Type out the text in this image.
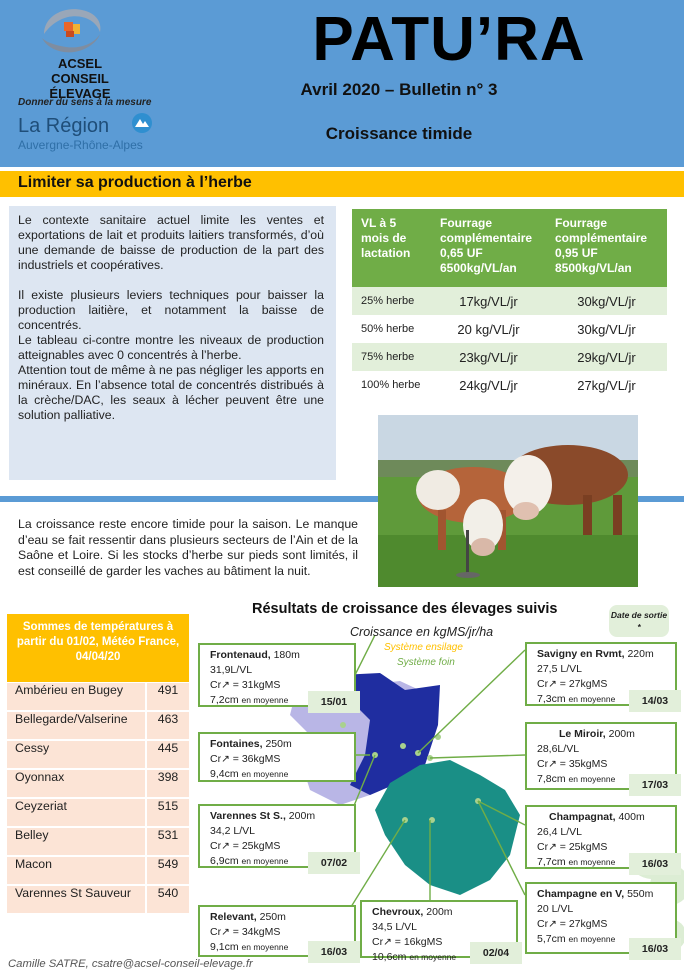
ACSEL
CONSEIL ÉLEVAGE
Donner du sens à la mesure
La Région
Auvergne-Rhône-Alpes
PATU’RA
Avril 2020 – Bulletin n° 3
Croissance timide
Limiter sa production à l’herbe

Le contexte sanitaire actuel limite les ventes et exportations de lait et produits laitiers transformés, d’où une demande de baisse de production de la part des industriels et coopératives.

Il existe plusieurs leviers techniques pour baisser la production laitière, et notamment la baisse de concentrés.

Le tableau ci-contre montre les niveaux de production atteignables avec 0 concentrés à l’herbe.

Attention tout de même à ne pas négliger les apports en minéraux. En l’absence total de concentrés distribués à la crèche/DAC, les seaux à lécher peuvent être une solution palliative.

VL à 5 mois de lactation	Fourrage complémentaire 0,65 UF 6500kg/VL/an	Fourrage complémentaire 0,95 UF 8500kg/VL/an
25% herbe	17kg/VL/jr	30kg/VL/jr
50% herbe	20 kg/VL/jr	30kg/VL/jr
75% herbe	23kg/VL/jr	29kg/VL/jr
100% herbe	24kg/VL/jr	27kg/VL/jr
La croissance reste encore timide pour la saison. Le manque d’eau se fait ressentir dans plusieurs secteurs de l’Ain et de la Saône et Loire. Si les stocks d’herbe sur pieds sont limités, il est conseillé de garder les vaches au bâtiment la nuit.
Sommes de températures à partir du 01/02, Météo France, 04/04/20
Ambérieu en Bugey	491
Bellegarde/Valserine	463
Cessy	445
Oyonnax	398
Ceyzeriat	515
Belley	531
Macon	549
Varennes St Sauveur	540
Résultats de croissance des élevages suivis
Croissance en kgMS/jr/ha
Système ensilage
Système foin
Date de sortie *
Frontenaud, 180m
31,9L/VL
Cr↗ = 31kgMS
7,2cm en moyenne	15/01
Fontaines, 250m
Cr↗ = 36kgMS
9,4cm en moyenne
Varennes St S., 200m
34,2 L/VL
Cr↗ = 25kgMS
6,9cm en moyenne	07/02
Relevant, 250m
Cr↗ = 34kgMS
9,1cm en moyenne	16/03
Chevroux, 200m
34,5 L/VL
Cr↗ = 16kgMS
10,6cm en moyenne	02/04
Savigny en Rvmt, 220m
27,5 L/VL
Cr↗ = 27kgMS
7,3cm en moyenne	14/03
Le Miroir, 200m
28,6L/VL
Cr↗ = 35kgMS
7,8cm en moyenne	17/03
Champagnat, 400m
26,4 L/VL
Cr↗ = 25kgMS
7,7cm en moyenne	16/03
Champagne en V, 550m
20 L/VL
Cr↗ = 27kgMS
5,7cm en moyenne
16/03
Camille SATRE, csatre@acsel-conseil-elevage.fr
